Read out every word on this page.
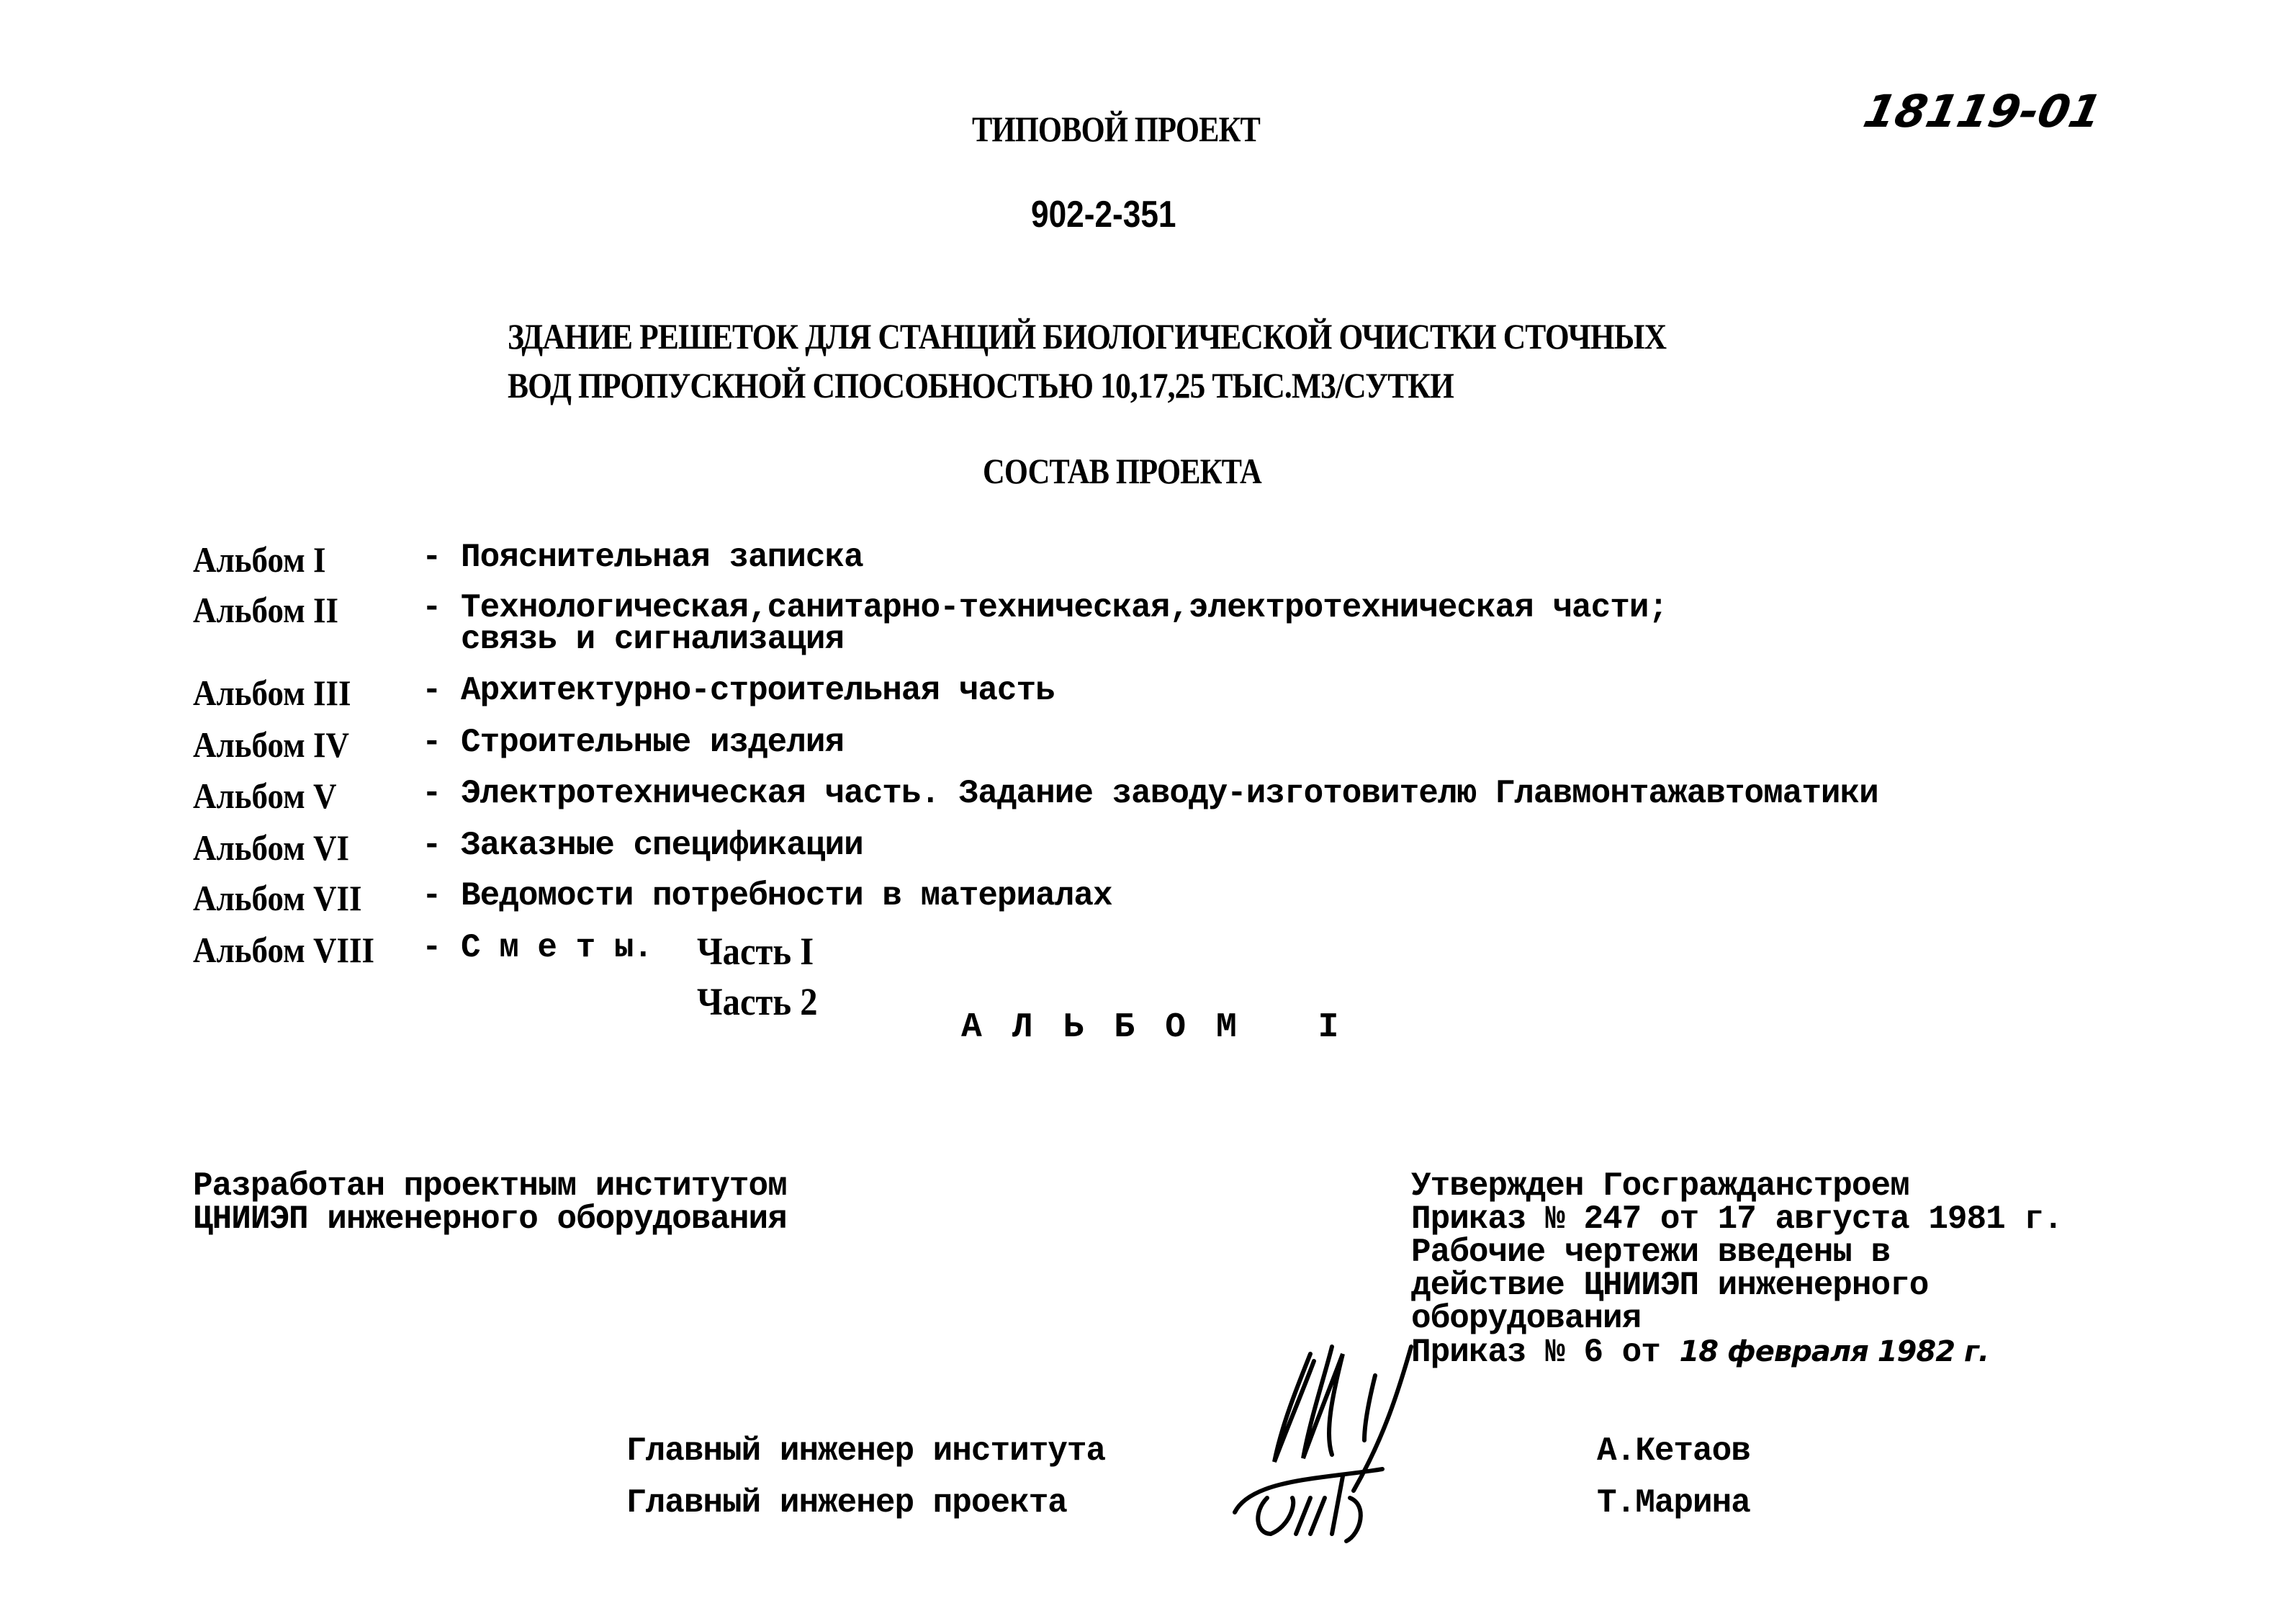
ТИПОВОЙ ПРОЕКТ
902-2-351
18119-01
ЗДАНИЕ РЕШЕТОК ДЛЯ СТАНЦИЙ БИОЛОГИЧЕСКОЙ ОЧИСТКИ СТОЧНЫХ
ВОД ПРОПУСКНОЙ СПОСОБНОСТЬЮ 10,17,25 ТЫС.М3/СУТКИ
СОСТАВ ПРОЕКТА
Альбом I	- Пояснительная записка
Альбом II	- Технологическая,санитарно-техническая,электротехническая части;
связь и сигнализация
Альбом III - Архитектурно-строительная часть
Альбом IV - Строительные изделия
Альбом V	- Электротехническая часть. Задание заводу-изготовителю Главмонтажавтоматики
Альбом VI - Заказные спецификации
Альбом VII - Ведомости потребности в материалах
Альбом VIII - С м е т ы. Часть I
Часть 2
АЛЬБОМ I
Разработан проектным институтом
ЦНИИЭП инженерного оборудования
Утвержден Госгражданстроем
Приказ № 247 от 17 августа 1981 г.
Рабочие чертежи введены в
действие ЦНИИЭП инженерного
оборудования
Приказ № 6 от 18 февраля 1982 г.
Главный инженер института
Главный инженер проекта
А.Кетаов
Т.Марина
